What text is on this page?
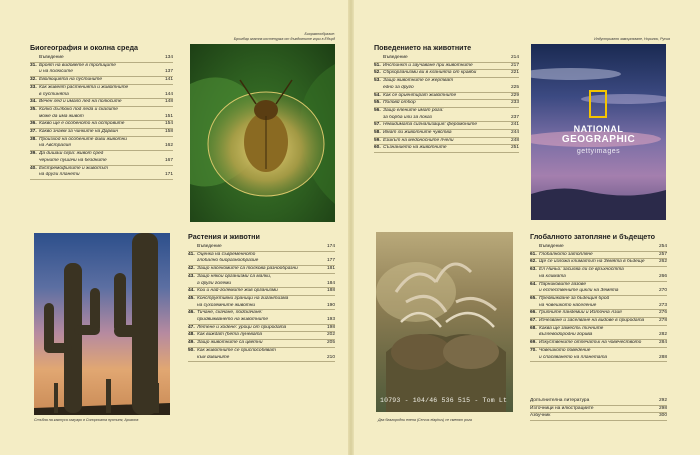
Биогеография и околна среда
Въведение	134
31. Броят на видовете в тропиците
и на полюсите	137
32. Еволюцията на пустините	141
33. Как живеят растенията и животните
в пустинята	144
34. Вечен лед и имало лед на полюсите	148
35. Колко дълбоко под леда и скалите
може да има живот	151
36. Какво ще е особеното на островите	154
37. Какво знаем за чинките на Дарвин	158
38. Произход на особените диви животни
на Австралия	162
39. Да дишаш сяра: живот сред
черните пушачи на бездните	167
40. Екстремофилите и животът
на други планети	171
Биоразнообразие:
Бръмбар златна костенурка от дъждовните гори в Ебърд
Стъбла на кактуса сагуаро в Сонорската пустиня, Аризона
Растения и животни
Въведение	174
41. Оценка на съвременното
глобално биоразнообразие	177
42. Защо насекомите са толкова разнообразни	181
43. Защо някои организми са малки,
а други големи	184
44. Кои и най-големите жив организми	188
45. Конструктивни граници на гигантизма
на сухоземните животни	190
46. Тичане, скачане, подскачане:
придвижването на животните	193
47. Летене и ходене: уроци от природата	198
48. Как виждат (бета луневата	202
49. Защо животните са цветни	205
50. Как животните се приспособяват
към дивините	210
Поведението на животните
Въведение	214
51. Инстинкт и заучаване при животните	217
52. Сбрхорганизми ви в кланията от кравби	221
53. Защо животните се жертват
едно за друго	225
54. Как се ориентират животните	229
55. Половй отбор	233
56. Защо елените имат рога:
за борба или за показ	237
57. Невидимата сигнализация: феромоните	241
58. Имат ли животните чувства	244
59. Езикът на медоносните пчели	248
60. Съзнанието на животните	251
Индустриално замърсяване, Норилск, Русия
NATIONAL
GEOGRAPHIC
gettyimages
10793 - 104/46 536 515 - Tom Lt
Два благородни елена (Cervus elaphus) се сменят рога
Глобалното затопляне и бъдещето
Въведение	254
61. Глобалното затопляне	257
62. Ще се изложа климатът на Земята в бъдеще	262
63. Ел Ниньо: засилва ли се връхността
на климата	266
64. Парниковите газове
и естествените цикли на Земята	270
65. Предвиждане за бъдещия брой
на човешкото население	273
66. Грипните пандемии и Източна Азия	276
67. Изчезване и заселване на видове в природата	278
68. Каква ще заместь тичните
въглеводородни горива	282
69. Изкуствените отпечатък на човечеството	284
70. Човешкото поведение
и спасяването на планетата	288
Допълнителна литература	292
Източници на илюстрациите	298
Азбучник	300
